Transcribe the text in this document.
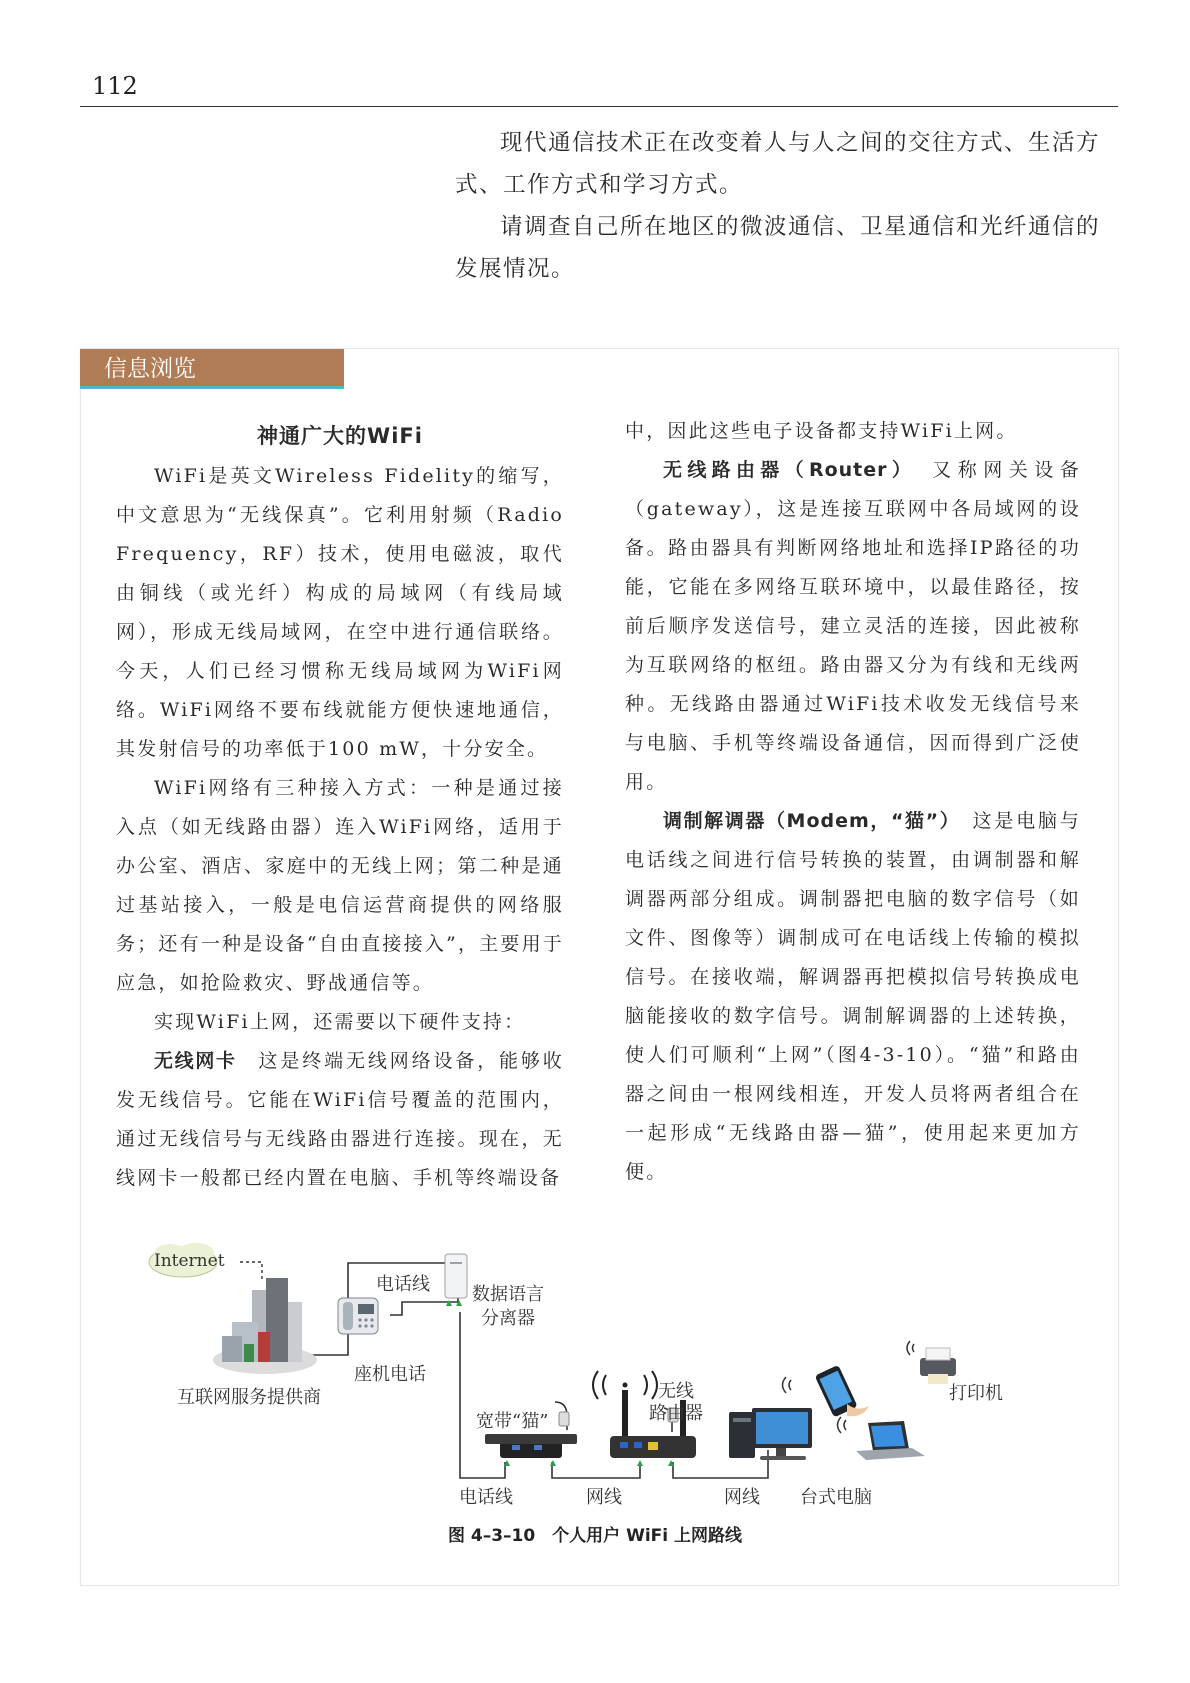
112

现代通信技术正在改变着人与人之间的交往方式、生活方式、工作方式和学习方式。

请调查自己所在地区的微波通信、卫星通信和光纤通信的发展情况。

信息浏览
神通广大的WiFi

WiFi是英文Wireless Fidelity的缩写，中文意思为“无线保真”。它利用射频（Radio Frequency，RF）技术，使用电磁波，取代由铜线（或光纤）构成的局域网（有线局域网），形成无线局域网，在空中进行通信联络。今天，人们已经习惯称无线局域网为WiFi网络。WiFi网络不要布线就能方便快速地通信，其发射信号的功率低于100 mW，十分安全。

WiFi网络有三种接入方式：一种是通过接入点（如无线路由器）连入WiFi网络，适用于办公室、酒店、家庭中的无线上网；第二种是通过基站接入，一般是电信运营商提供的网络服务；还有一种是设备“自由直接接入”，主要用于应急，如抢险救灾、野战通信等。

实现WiFi上网，还需要以下硬件支持：

无线网卡　 这是终端无线网络设备，能够收发无线信号。它能在WiFi信号覆盖的范围内，通过无线信号与无线路由器进行连接。现在，无线网卡一般都已经内置在电脑、手机等终端设备

中，因此这些电子设备都支持WiFi上网。

无线路由器（Router）　 又称网关设备（gateway），这是连接互联网中各局域网的设备。路由器具有判断网络地址和选择IP路径的功能，它能在多网络互联环境中，以最佳路径，按前后顺序发送信号，建立灵活的连接，因此被称为互联网络的枢纽。路由器又分为有线和无线两种。无线路由器通过WiFi技术收发无线信号来与电脑、手机等终端设备通信，因而得到广泛使用。

调制解调器（Modem，“猫”）　 这是电脑与电话线之间进行信号转换的装置，由调制器和解调器两部分组成。调制器把电脑的数字信号（如文件、图像等）调制成可在电话线上传输的模拟信号。在接收端，解调器再把模拟信号转换成电脑能接收的数字信号。调制解调器的上述转换，使人们可顺利“上网”（图4-3-10）。“猫”和路由器之间由一根网线相连，开发人员将两者组合在一起形成“无线路由器—猫”，使用起来更加方便。

Internet
电话线 数据语言
分离器
座机电话
互联网服务提供商
宽带“猫”
无线
路由器
打印机
电话线	网线	网线 台式电脑
图 4–3–10　个人用户 WiFi 上网路线
